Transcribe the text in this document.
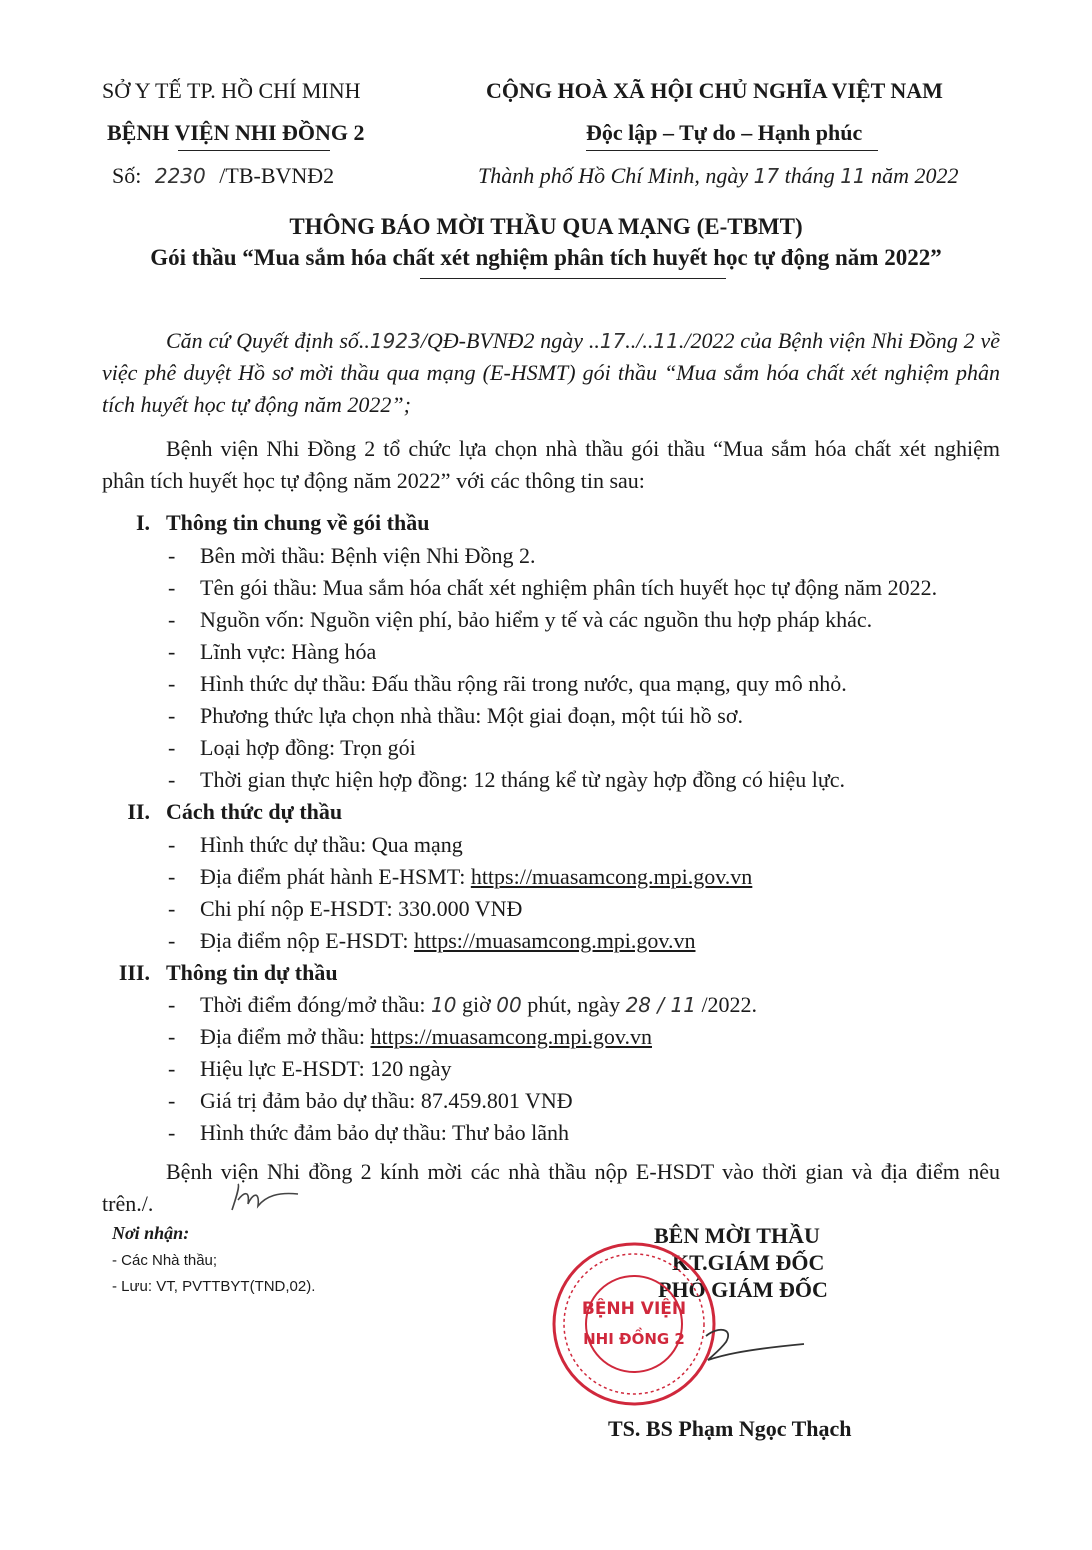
SỞ Y TẾ TP. HỒ CHÍ MINH
BỆNH VIỆN NHI ĐỒNG 2
Số: 2230 /TB-BVNĐ2
CỘNG HOÀ XÃ HỘI CHỦ NGHĨA VIỆT NAM
Độc lập – Tự do – Hạnh phúc
Thành phố Hồ Chí Minh, ngày 17 tháng 11 năm 2022
THÔNG BÁO MỜI THẦU QUA MẠNG (E-TBMT)
Gói thầu “Mua sắm hóa chất xét nghiệm phân tích huyết học tự động năm 2022”
Căn cứ Quyết định số..1923/QĐ-BVNĐ2 ngày ..17../..11./2022 của Bệnh viện Nhi Đồng 2 về việc phê duyệt Hồ sơ mời thầu qua mạng (E-HSMT) gói thầu “Mua sắm hóa chất xét nghiệm phân tích huyết học tự động năm 2022”;
Bệnh viện Nhi Đồng 2 tổ chức lựa chọn nhà thầu gói thầu “Mua sắm hóa chất xét nghiệm phân tích huyết học tự động năm 2022” với các thông tin sau:
I. Thông tin chung về gói thầu
- Bên mời thầu: Bệnh viện Nhi Đồng 2.
- Tên gói thầu: Mua sắm hóa chất xét nghiệm phân tích huyết học tự động năm 2022.
- Nguồn vốn: Nguồn viện phí, bảo hiểm y tế và các nguồn thu hợp pháp khác.
- Lĩnh vực: Hàng hóa
- Hình thức dự thầu: Đấu thầu rộng rãi trong nước, qua mạng, quy mô nhỏ.
- Phương thức lựa chọn nhà thầu: Một giai đoạn, một túi hồ sơ.
- Loại hợp đồng: Trọn gói
- Thời gian thực hiện hợp đồng: 12 tháng kể từ ngày hợp đồng có hiệu lực.
II. Cách thức dự thầu
- Hình thức dự thầu: Qua mạng
- Địa điểm phát hành E-HSMT: https://muasamcong.mpi.gov.vn
- Chi phí nộp E-HSDT: 330.000 VNĐ
- Địa điểm nộp E-HSDT: https://muasamcong.mpi.gov.vn
III. Thông tin dự thầu
- Thời điểm đóng/mở thầu: 10 giờ 00 phút, ngày 28 / 11 /2022.
- Địa điểm mở thầu: https://muasamcong.mpi.gov.vn
- Hiệu lực E-HSDT: 120 ngày
- Giá trị đảm bảo dự thầu: 87.459.801 VNĐ
- Hình thức đảm bảo dự thầu: Thư bảo lãnh
Bệnh viện Nhi đồng 2 kính mời các nhà thầu nộp E-HSDT vào thời gian và địa điểm nêu trên./.
Nơi nhận:
- Các Nhà thầu;
- Lưu: VT, PVTTBYT(TND,02).
BÊN MỜI THẦU
KT.GIÁM ĐỐC
PHÓ GIÁM ĐỐC
BỆNH VIỆN
NHI ĐỒNG 2
TS. BS Phạm Ngọc Thạch
